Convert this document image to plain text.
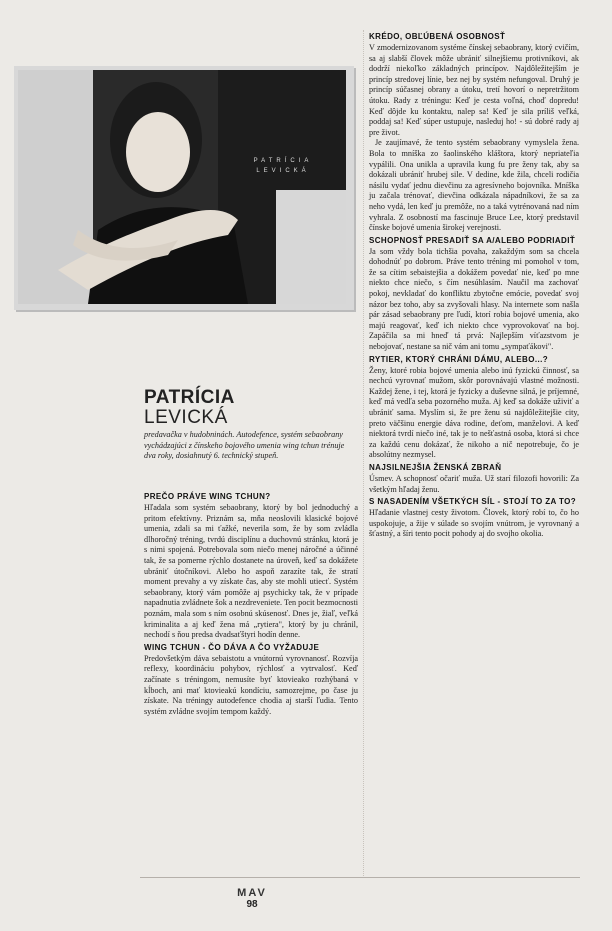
PATRÍCIA
LEVICKÁ
PATRÍCIA
LEVICKÁ
predavačka v hudobninách. Autodefence, systém sebaobrany vychádzajúci z čínskeho bojového umenia wing tchun trénuje dva roky, dosiahnutý 6. technický stupeň.
PREČO PRÁVE WING TCHUN?

Hľadala som systém sebaobrany, ktorý by bol jednoduchý a pritom efektívny. Priznám sa, mňa neoslovili klasické bojové umenia, zdali sa mi ťažké, neverila som, že by som zvládla dlhoročný tréning, tvrdú disciplínu a duchovnú stránku, ktorá je s nimi spojená. Potrebovala som niečo menej náročné a účinné tak, že sa pomerne rýchlo dostanete na úroveň, keď sa dokážete ubrániť útočníkovi. Alebo ho aspoň zarazíte tak, že stratí moment prevahy a vy získate čas, aby ste mohli utiecť. Systém sebaobrany, ktorý vám pomôže aj psychicky tak, že v prípade napadnutia zvládnete šok a nezdreveniete. Ten pocit bezmocnosti poznám, mala som s ním osobnú skúsenosť. Dnes je, žiaľ, veľká kriminalita a aj keď žena má „rytiera", ktorý by ju chránil, nechodí s ňou predsa dvadsaťštyri hodín denne.

WING TCHUN - ČO DÁVA A ČO VYŽADUJE

Predovšetkým dáva sebaistotu a vnútornú vyrovnanosť. Rozvíja reflexy, koordináciu pohybov, rýchlosť a vytrvalosť. Keď začínate s tréningom, nemusíte byť ktovieako rozhýbaná v kĺboch, ani mať ktovieakú kondíciu, samozrejme, po čase ju získate. Na tréningy autodefence chodia aj starší ľudia. Tento systém zvládne svojím tempom každý.

KRÉDO, OBĽÚBENÁ OSOBNOSŤ

V zmodernizovanom systéme čínskej sebaobrany, ktorý cvičím, sa aj slabší človek môže ubrániť silnejšiemu protivníkovi, ak dodrží niekoľko základných princípov. Najdôležitejším je princíp stredovej línie, bez nej by systém nefungoval. Druhý je princíp súčasnej obrany a útoku, tretí hovorí o nepretržitom útoku. Rady z tréningu: Keď je cesta voľná, choď dopredu! Keď dôjde ku kontaktu, nalep sa! Keď je sila príliš veľká, poddaj sa! Keď súper ustupuje, nasleduj ho! - sú dobré rady aj pre život.

Je zaujímavé, že tento systém sebaobrany vymyslela žena. Bola to mníška zo šaolinského kláštora, ktorý nepriateľia vypálili. Ona unikla a upravila kung fu pre ženy tak, aby sa dokázali ubrániť hrubej sile. V dedine, kde žila, chceli rodičia násilu vydať jednu dievčinu za agresívneho bojovníka. Mníška ju začala trénovať, dievčina odkázala nápadníkovi, že sa za neho vydá, len keď ju premôže, no a taká vytrénovaná nad ním vyhrala. Z osobností ma fascinuje Bruce Lee, ktorý predstavil čínske bojové umenia širokej verejnosti.

SCHOPNOSŤ PRESADIŤ SA A/ALEBO PODRIADIŤ

Ja som vždy bola tichšia povaha, zakaždým som sa chcela dohodnúť po dobrom. Práve tento tréning mi pomohol v tom, že sa cítim sebaistejšia a dokážem povedať nie, keď po mne niekto chce niečo, s čím nesúhlasím. Naučil ma zachovať pokoj, nevkladať do konfliktu zbytočne emócie, povedať svoj názor bez toho, aby sa zvyšovali hlasy. Na internete som našla pár zásad sebaobrany pre ľudí, ktorí robia bojové umenia, ako majú reagovať, keď ich niekto chce vyprovokovať na boj. Zapáčila sa mi hneď tá prvá: Najlepším víťazstvom je nebojovať, nestane sa nič vám ani tomu „sympaťákovi".

RYTIER, KTORÝ CHRÁNI DÁMU, ALEBO...?

Ženy, ktoré robia bojové umenia alebo inú fyzickú činnosť, sa nechcú vyrovnať mužom, skôr porovnávajú vlastné možnosti. Každej žene, i tej, ktorá je fyzicky a duševne silná, je príjemné, keď má vedľa seba pozorného muža. Aj keď sa dokáže uživiť a ubrániť sama. Myslím si, že pre ženu sú najdôležitejšie city, preto väčšinu energie dáva rodine, deťom, manželovi. A keď niektorá tvrdí niečo iné, tak je to nešťastná osoba, ktorá si chce za každú cenu dokázať, že nikoho a nič nepotrebuje, čo je absolútny nezmysel.

NAJSILNEJŠIA ŽENSKÁ ZBRAŇ

Úsmev. A schopnosť očariť muža. Už starí filozofi hovorili: Za všetkým hľadaj ženu.

S NASADENÍM VŠETKÝCH SÍL - STOJÍ TO ZA TO?

Hľadanie vlastnej cesty životom. Človek, ktorý robí to, čo ho uspokojuje, a žije v súlade so svojím vnútrom, je vyrovnaný a šťastný, a šíri tento pocit pohody aj do svojho okolia.

MAV
98
